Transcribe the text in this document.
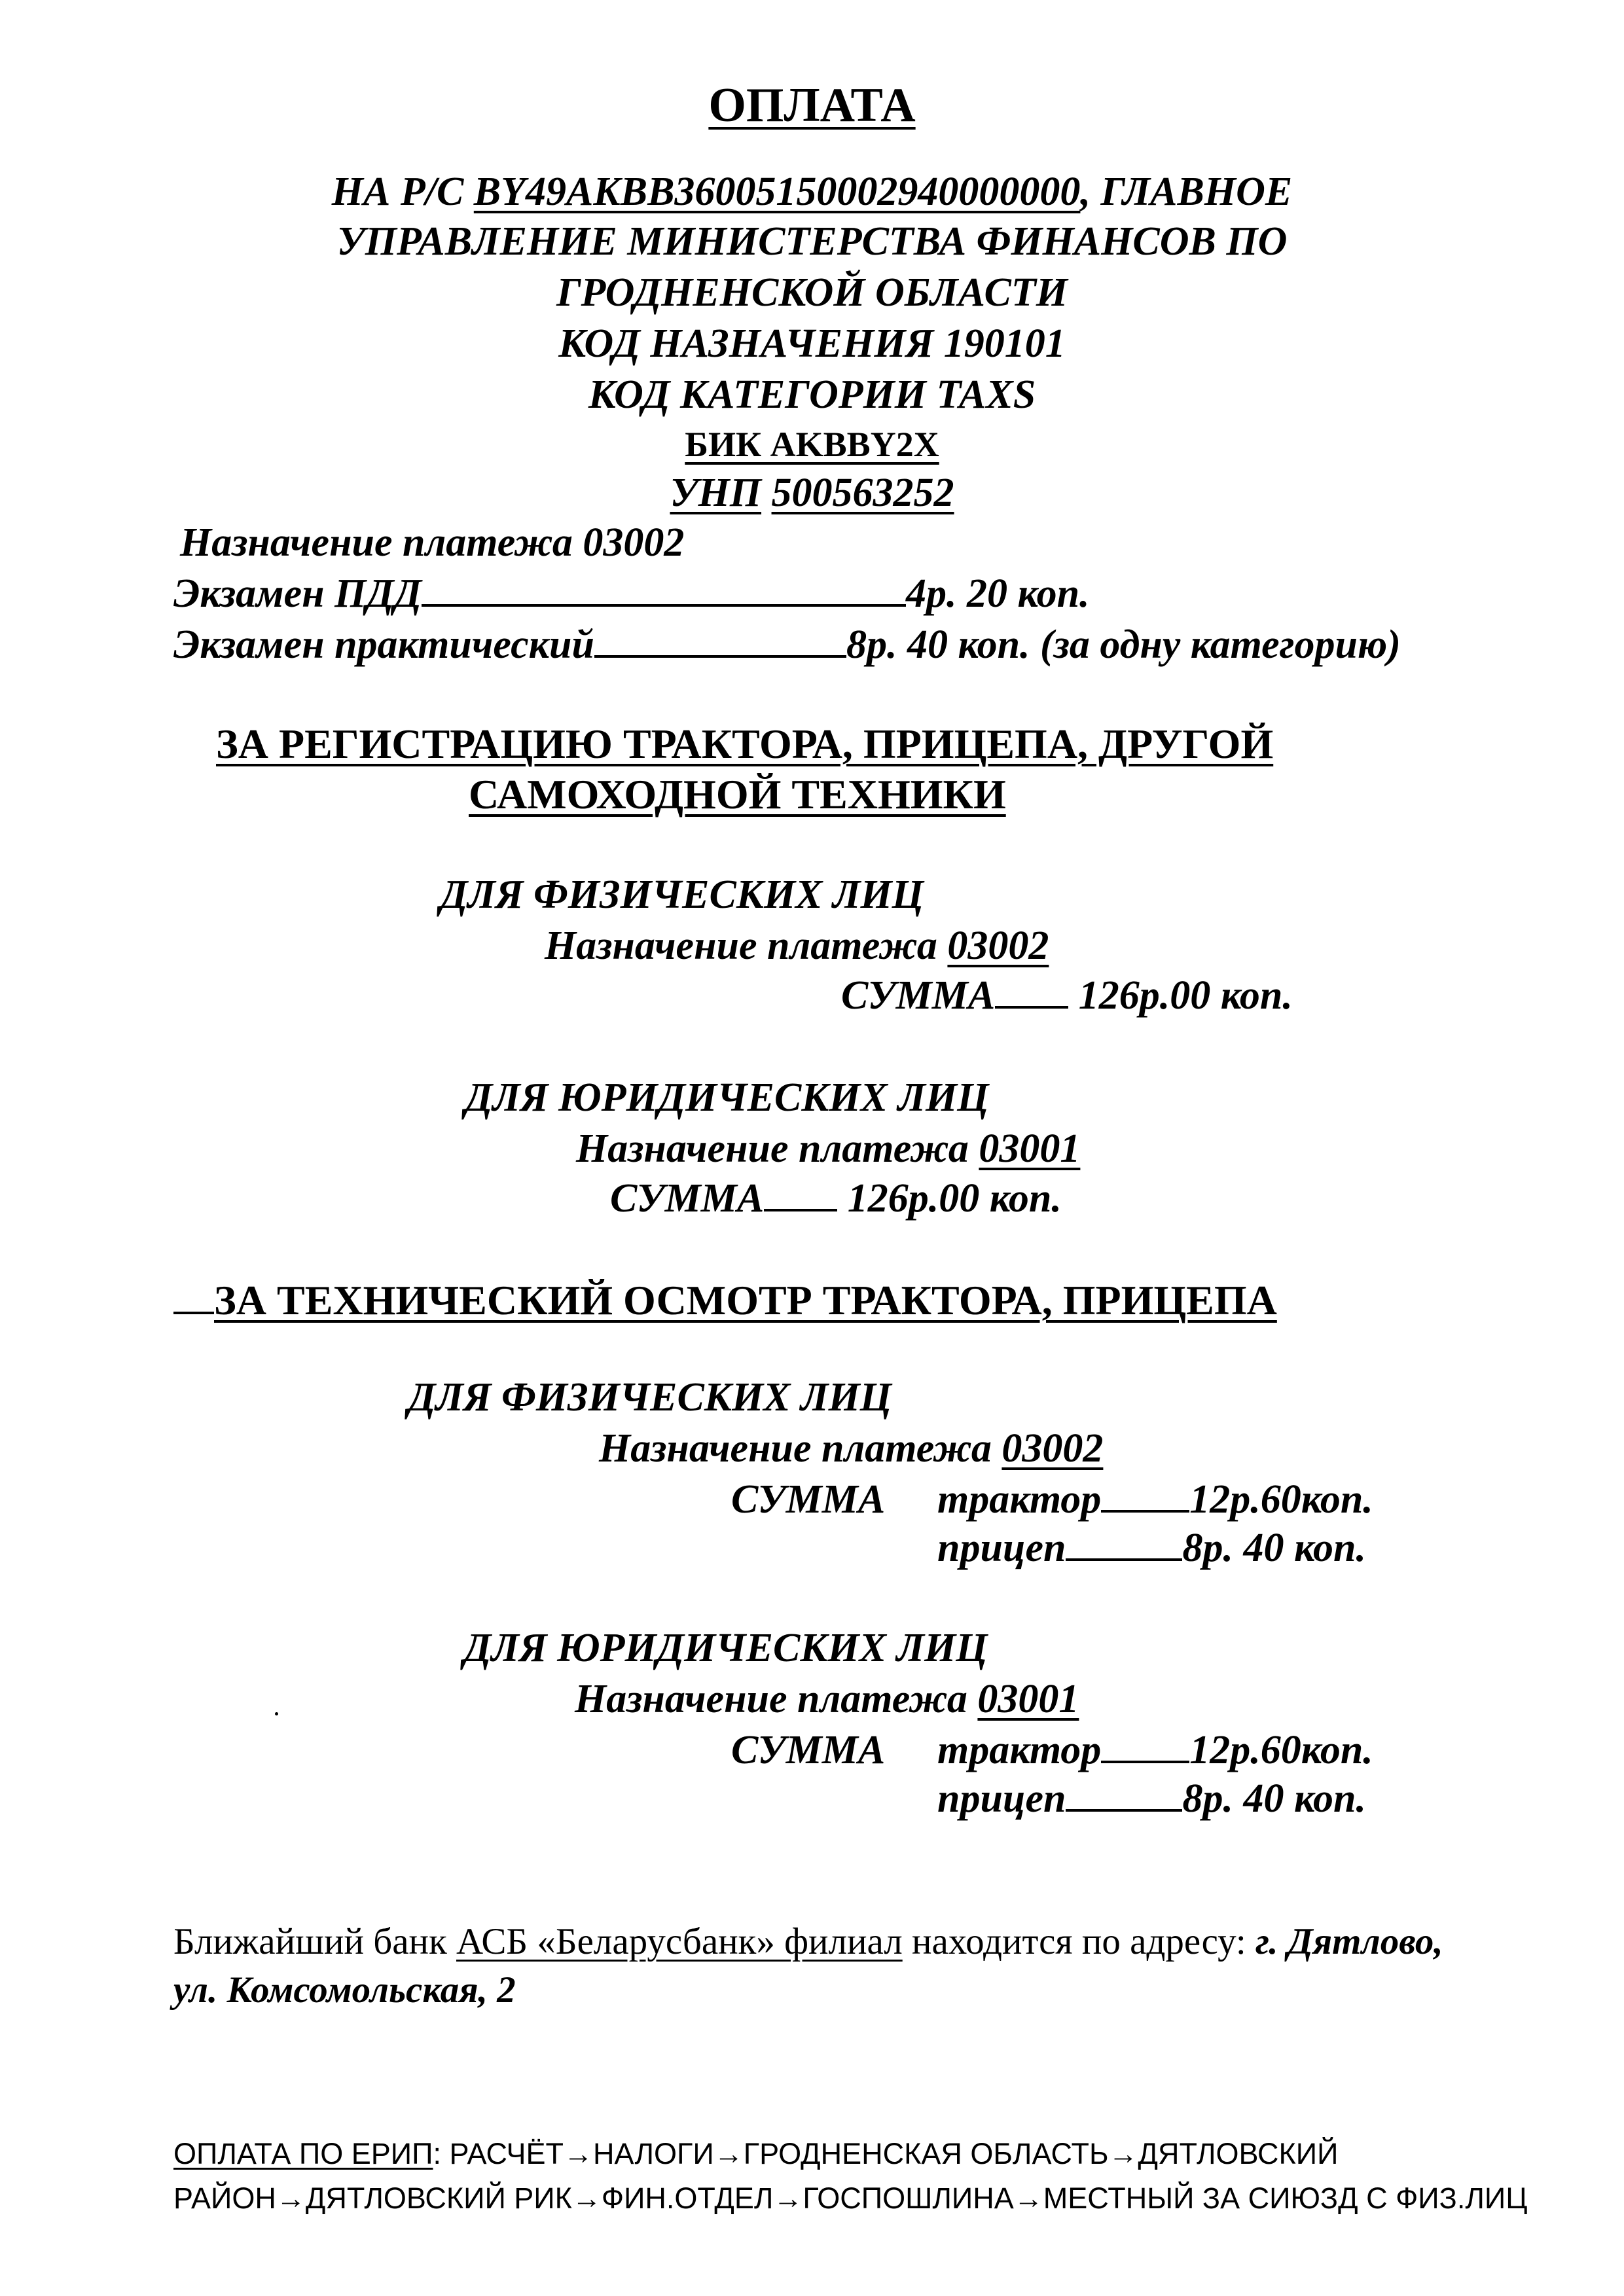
ОПЛАТА
НА Р/С BY49AKBB36005150002940000000, ГЛАВНОЕ
УПРАВЛЕНИЕ МИНИСТЕРСТВА ФИНАНСОВ ПО
ГРОДНЕНСКОЙ ОБЛАСТИ
КОД НАЗНАЧЕНИЯ 190101
КОД КАТЕГОРИИ TAXS
БИК AKBBY2X
УНП 500563252
Назначение платежа 03002
Экзамен ПДД	4р. 20 коп.
Экзамен практический	8р. 40 коп. (за одну категорию)
ЗА РЕГИСТРАЦИЮ ТРАКТОРА, ПРИЦЕПА, ДРУГОЙ
САМОХОДНОЙ ТЕХНИКИ
ДЛЯ ФИЗИЧЕСКИХ ЛИЦ
Назначение платежа 03002
СУММА 126р.00 коп.
ДЛЯ ЮРИДИЧЕСКИХ ЛИЦ
Назначение платежа 03001
СУММА 126р.00 коп.
ЗА ТЕХНИЧЕСКИЙ ОСМОТР ТРАКТОРА, ПРИЦЕПА
ДЛЯ ФИЗИЧЕСКИХ ЛИЦ
Назначение платежа 03002
СУММА трактор 12р.60коп.
прицеп	8р. 40 коп.
ДЛЯ ЮРИДИЧЕСКИХ ЛИЦ
Назначение платежа 03001
СУММА трактор 12р.60коп.
прицеп	8р. 40 коп.
Ближайший банк АСБ «Беларусбанк» филиал находится по адресу: г. Дятлово,
ул. Комсомольская, 2
ОПЛАТА ПО ЕРИП: РАСЧЁТ→НАЛОГИ→ГРОДНЕНСКАЯ ОБЛАСТЬ→ДЯТЛОВСКИЙ
РАЙОН→ДЯТЛОВСКИЙ РИК→ФИН.ОТДЕЛ→ГОСПОШЛИНА→МЕСТНЫЙ ЗА СИЮЗД С ФИЗ.ЛИЦ
